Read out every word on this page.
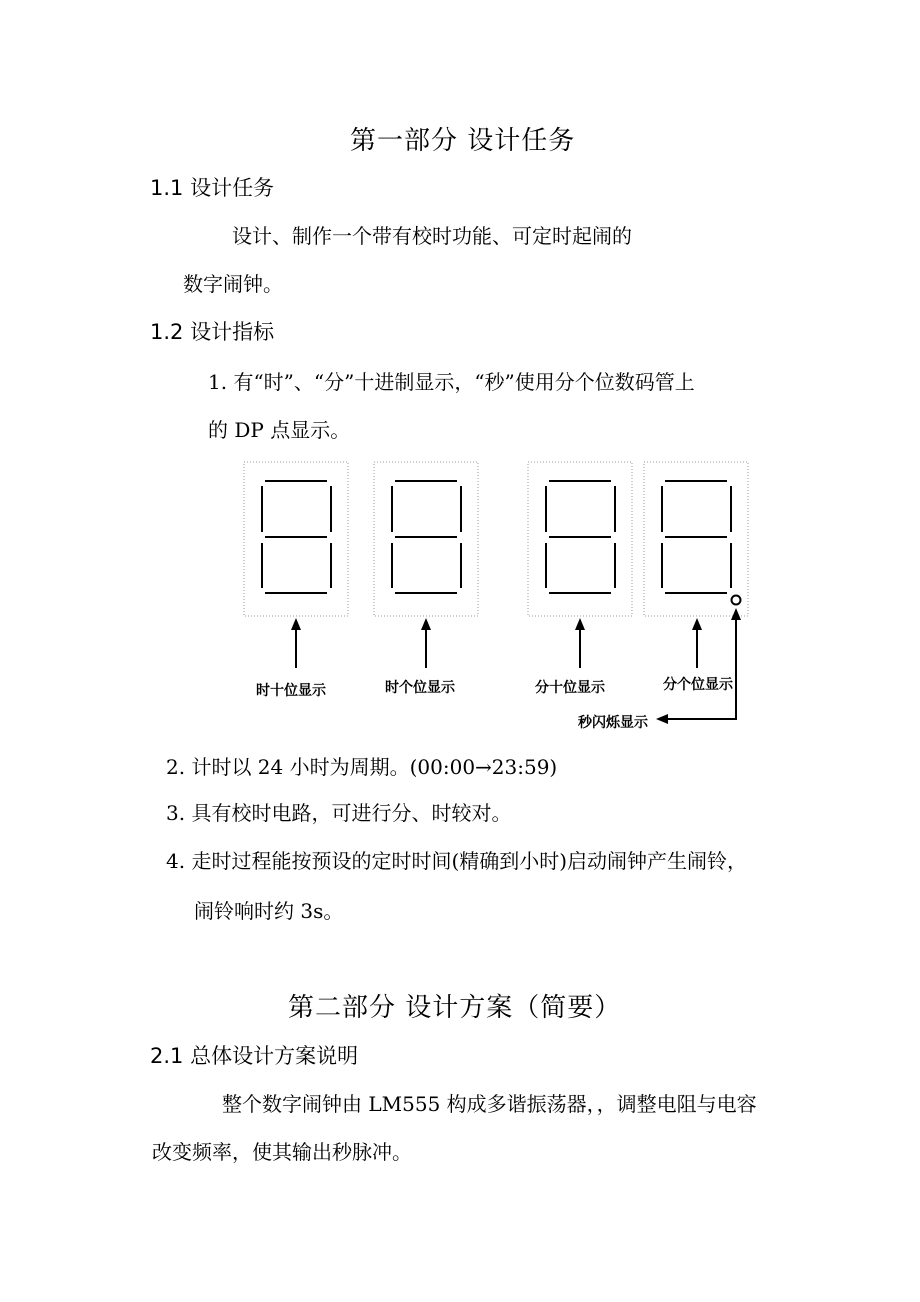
第一部分 设计任务
1.1 设计任务
设计、制作一个带有校时功能、可定时起闹的
数字闹钟。
1.2 设计指标
1. 有“时”、“分”十进制显示，“秒”使用分个位数码管上
的 DP 点显示。
时十位显示	时个位显示	分十位显示	分个位显示
秒闪烁显示
2. 计时以 24 小时为周期。(00:00→23:59)
3. 具有校时电路，可进行分、时较对。
4. 走时过程能按预设的定时时间(精确到小时)启动闹钟产生闹铃，
闹铃响时约 3s。
第二部分 设计方案（简要）
2.1 总体设计方案说明
整个数字闹钟由 LM555 构成多谐振荡器，，调整电阻与电容
改变频率，使其输出秒脉冲。
